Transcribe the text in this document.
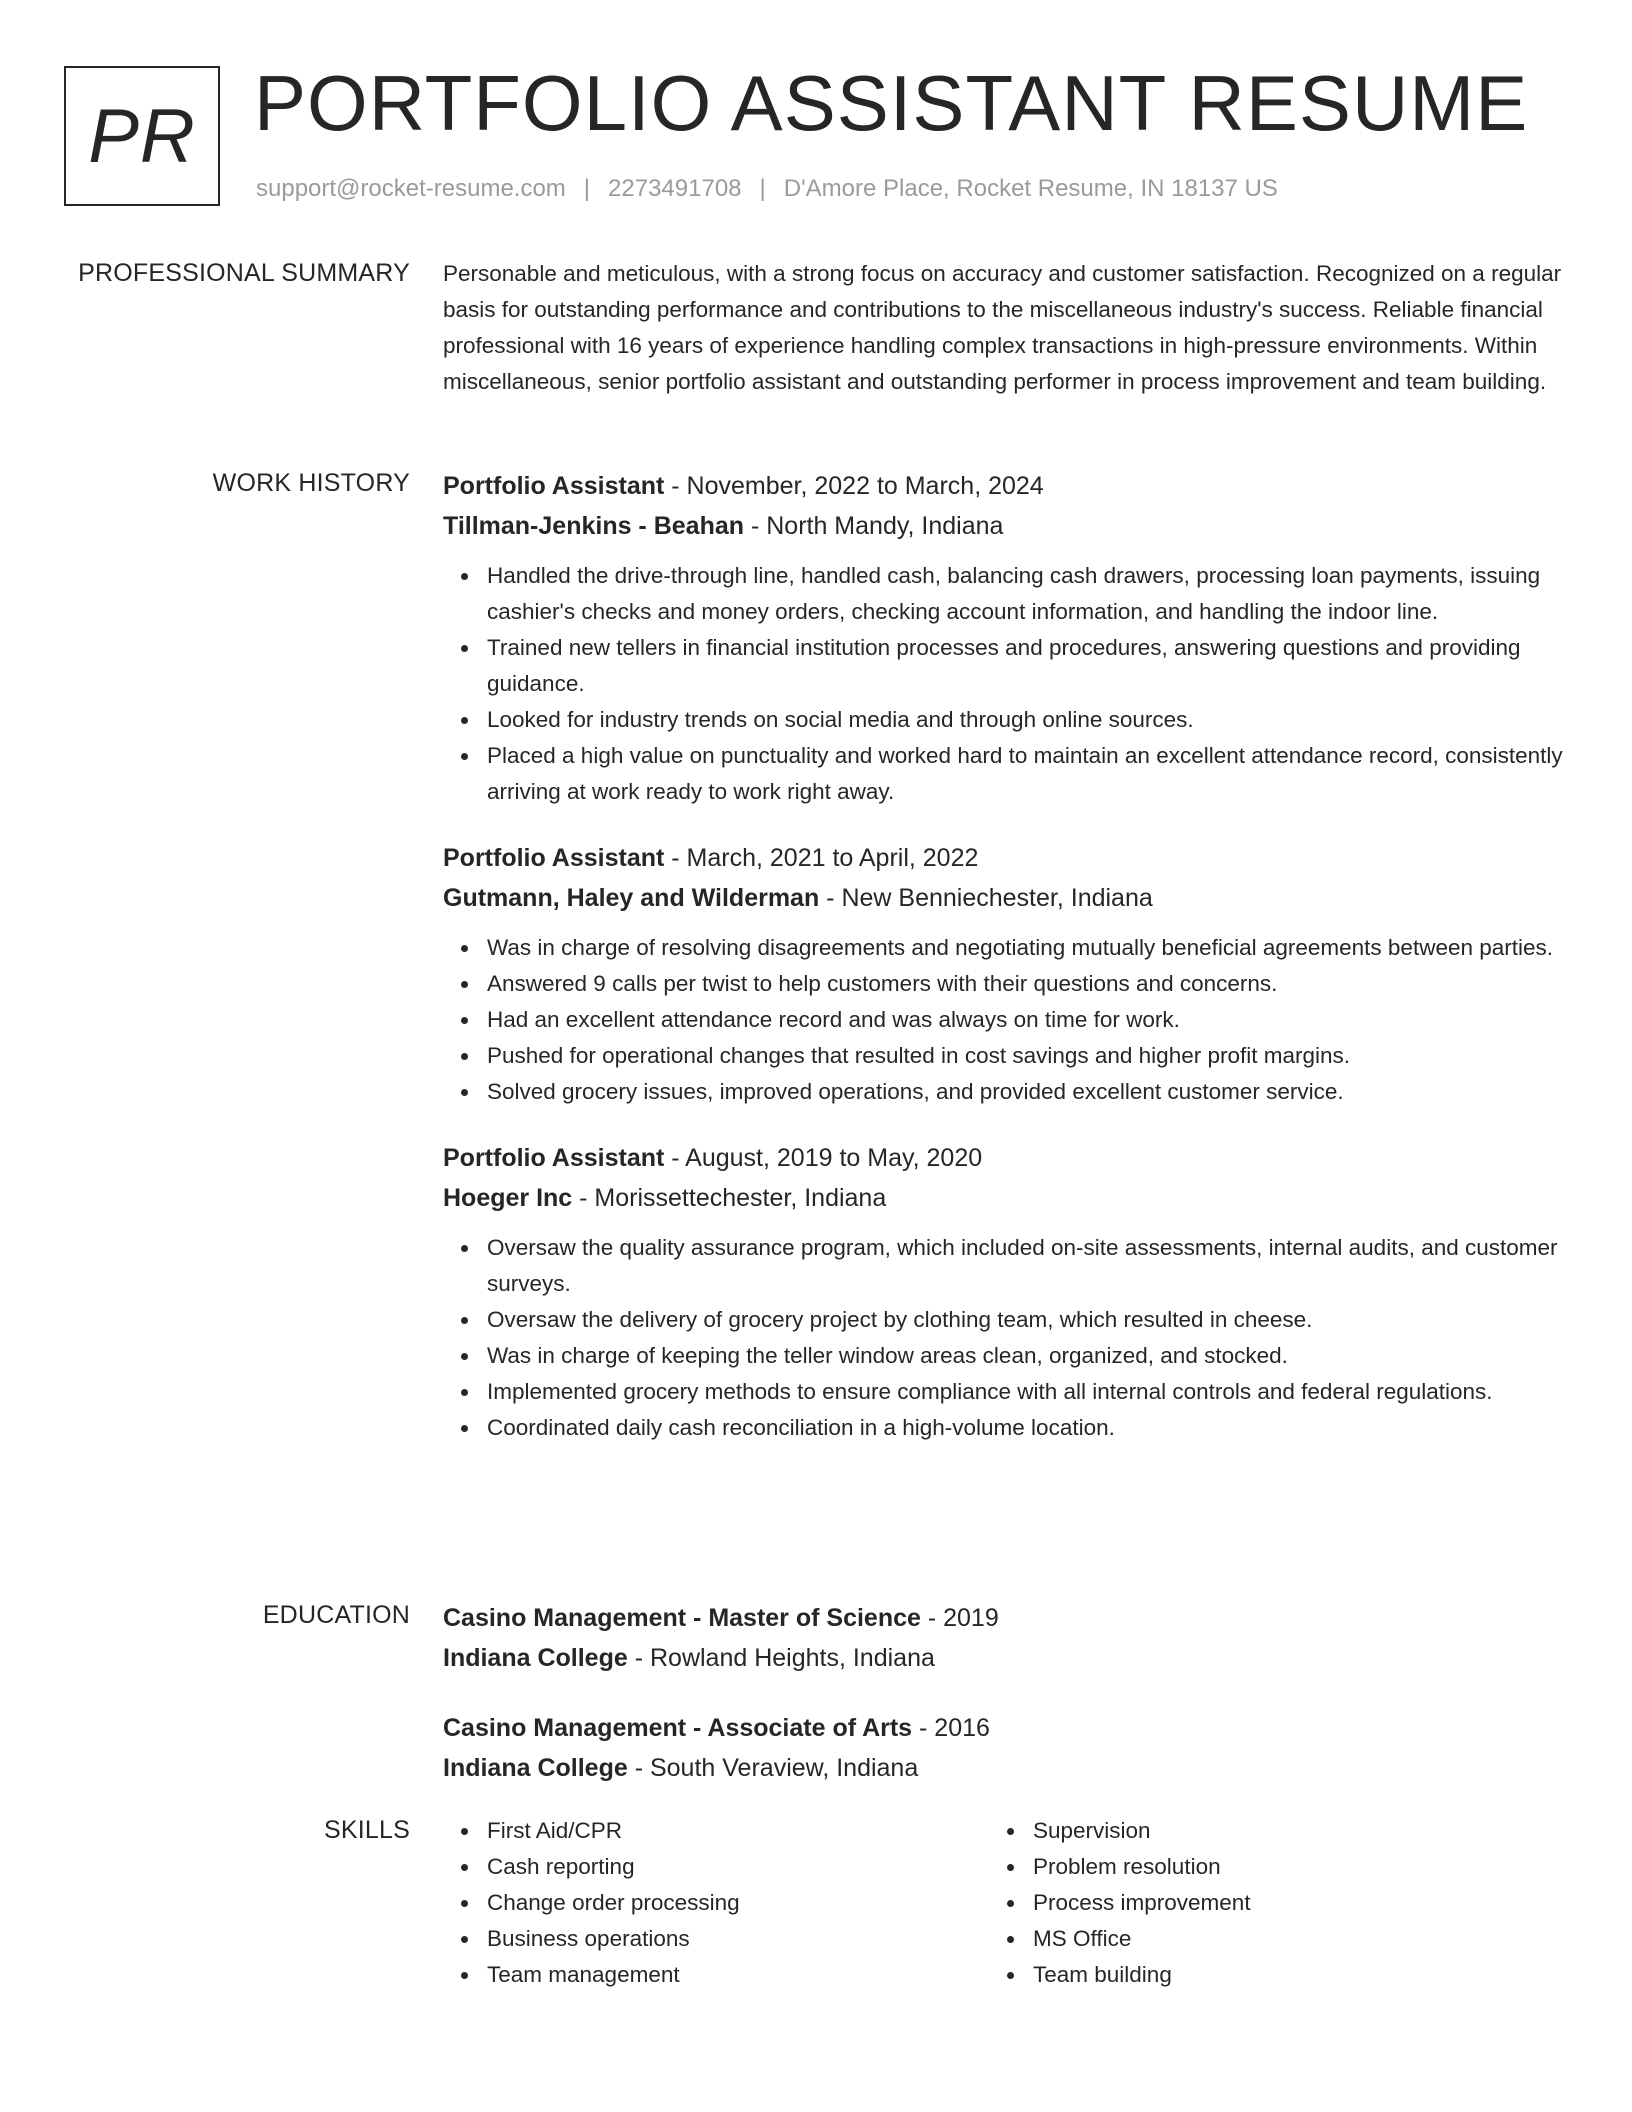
PR PORTFOLIO ASSISTANT RESUME
support@rocket-resume.com | 2273491708 | D'Amore Place, Rocket Resume, IN 18137 US
PROFESSIONAL SUMMARY Personable and meticulous, with a strong focus on accuracy and customer satisfaction. Recognized on a regular basis for outstanding performance and contributions to the miscellaneous industry's success. Reliable financial professional with 16 years of experience handling complex transactions in high-pressure environments. Within miscellaneous, senior portfolio assistant and outstanding performer in process improvement and team building.

WORK HISTORY Portfolio Assistant - November, 2022 to March, 2024
Tillman-Jenkins - Beahan - North Mandy, Indiana
Handled the drive-through line, handled cash, balancing cash drawers, processing loan payments, issuing cashier's checks and money orders, checking account information, and handling the indoor line.
Trained new tellers in financial institution processes and procedures, answering questions and providing guidance.
Looked for industry trends on social media and through online sources.
Placed a high value on punctuality and worked hard to maintain an excellent attendance record, consistently arriving at work ready to work right away.
Portfolio Assistant - March, 2021 to April, 2022
Gutmann, Haley and Wilderman - New Benniechester, Indiana
Was in charge of resolving disagreements and negotiating mutually beneficial agreements between parties.
Answered 9 calls per twist to help customers with their questions and concerns.
Had an excellent attendance record and was always on time for work.
Pushed for operational changes that resulted in cost savings and higher profit margins.
Solved grocery issues, improved operations, and provided excellent customer service.
Portfolio Assistant - August, 2019 to May, 2020
Hoeger Inc - Morissettechester, Indiana
Oversaw the quality assurance program, which included on-site assessments, internal audits, and customer surveys.
Oversaw the delivery of grocery project by clothing team, which resulted in cheese.
Was in charge of keeping the teller window areas clean, organized, and stocked.
Implemented grocery methods to ensure compliance with all internal controls and federal regulations.
Coordinated daily cash reconciliation in a high-volume location.
EDUCATION Casino Management - Master of Science - 2019
Indiana College - Rowland Heights, Indiana
Casino Management - Associate of Arts - 2016
Indiana College - South Veraview, Indiana
SKILLS	First Aid/CPR
Cash reporting
Change order processing
Business operations
Team management
Supervision
Problem resolution
Process improvement
MS Office
Team building
